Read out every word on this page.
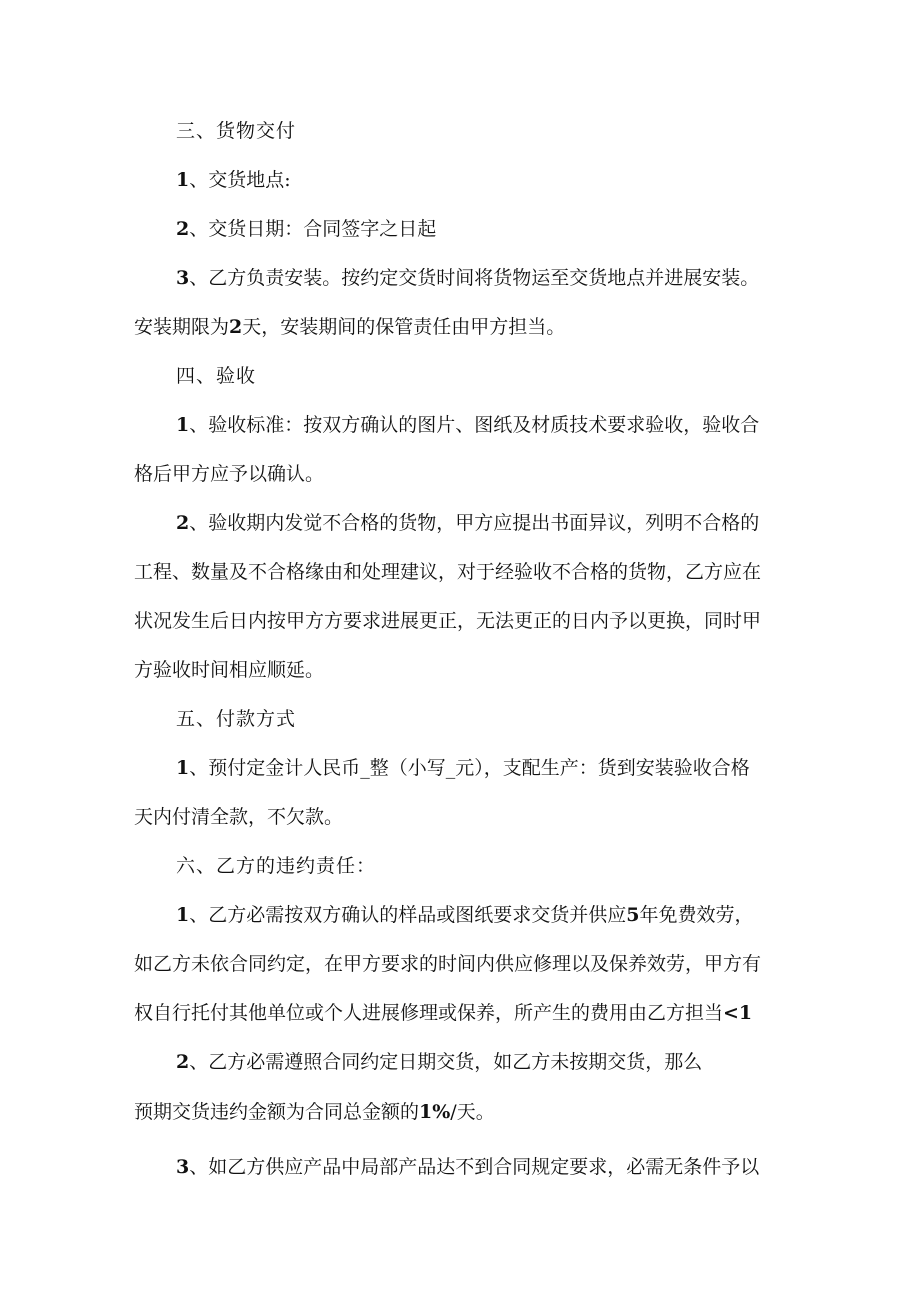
三、货物交付
1、交货地点:
2、交货日期：合同签字之日起
3、乙方负责安装。按约定交货时间将货物运至交货地点并进展安装。
安装期限为2天，安装期间的保管责任由甲方担当。
四、验收
1、验收标准：按双方确认的图片、图纸及材质技术要求验收，验收合
格后甲方应予以确认。
2、验收期内发觉不合格的货物，甲方应提出书面异议，列明不合格的
工程、数量及不合格缘由和处理建议，对于经验收不合格的货物，乙方应在
状况发生后日内按甲方方要求进展更正，无法更正的日内予以更换，同时甲
方验收时间相应顺延。
五、付款方式
1、预付定金计人民币_整（小写_元），支配生产：货到安装验收合格
天内付清全款，不欠款。
六、乙方的违约责任：
1、乙方必需按双方确认的样品或图纸要求交货并供应5年免费效劳，
如乙方未依合同约定，在甲方要求的时间内供应修理以及保养效劳，甲方有
权自行托付其他单位或个人进展修理或保养，所产生的费用由乙方担当<1
2、乙方必需遵照合同约定日期交货，如乙方未按期交货，那么
预期交货违约金额为合同总金额的1%/天。
3、如乙方供应产品中局部产品达不到合同规定要求，必需无条件予以
